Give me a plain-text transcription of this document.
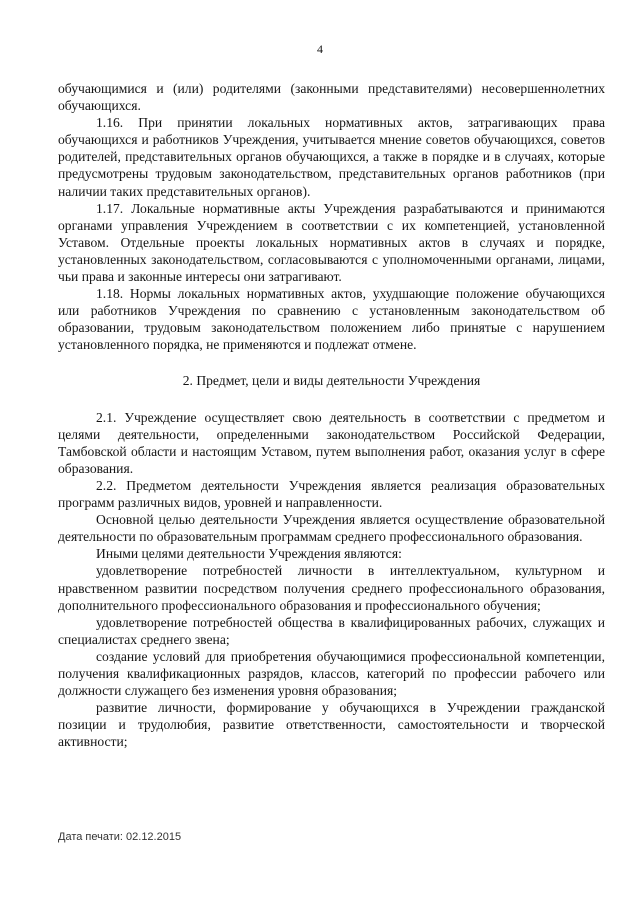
4

обучающимися и (или) родителями (законными представителями) несовершеннолетних обучающихся.

1.16. При принятии локальных нормативных актов, затрагивающих права обучающихся и работников Учреждения, учитывается мнение советов обучающихся, советов родителей, представительных органов обучающихся, а также в порядке и в случаях, которые предусмотрены трудовым законодательством, представительных органов работников (при наличии таких представительных органов).

1.17. Локальные нормативные акты Учреждения разрабатываются и принимаются органами управления Учреждением в соответствии с их компетенцией, установленной Уставом. Отдельные проекты локальных нормативных актов в случаях и порядке, установленных законодательством, согласовываются с уполномоченными органами, лицами, чьи права и законные интересы они затрагивают.

1.18. Нормы локальных нормативных актов, ухудшающие положение обучающихся или работников Учреждения по сравнению с установленным законодательством об образовании, трудовым законодательством положением либо принятые с нарушением установленного порядка, не применяются и подлежат отмене.

2. Предмет, цели и виды деятельности Учреждения

2.1. Учреждение осуществляет свою деятельность в соответствии с предметом и целями деятельности, определенными законодательством Российской Федерации, Тамбовской области и настоящим Уставом, путем выполнения работ, оказания услуг в сфере образования.

2.2. Предметом деятельности Учреждения является реализация образовательных программ различных видов, уровней и направленности.

Основной целью деятельности Учреждения является осуществление образовательной деятельности по образовательным программам среднего профессионального образования.

Иными целями деятельности Учреждения являются:

удовлетворение потребностей личности в интеллектуальном, культурном и нравственном развитии посредством получения среднего профессионального образования, дополнительного профессионального образования и профессионального обучения;

удовлетворение потребностей общества в квалифицированных рабочих, служащих и специалистах среднего звена;

создание условий для приобретения обучающимися профессиональной компетенции, получения квалификационных разрядов, классов, категорий по профессии рабочего или должности служащего без изменения уровня образования;

развитие личности, формирование у обучающихся в Учреждении гражданской позиции и трудолюбия, развитие ответственности, самостоятельности и творческой активности;

Дата печати: 02.12.2015
